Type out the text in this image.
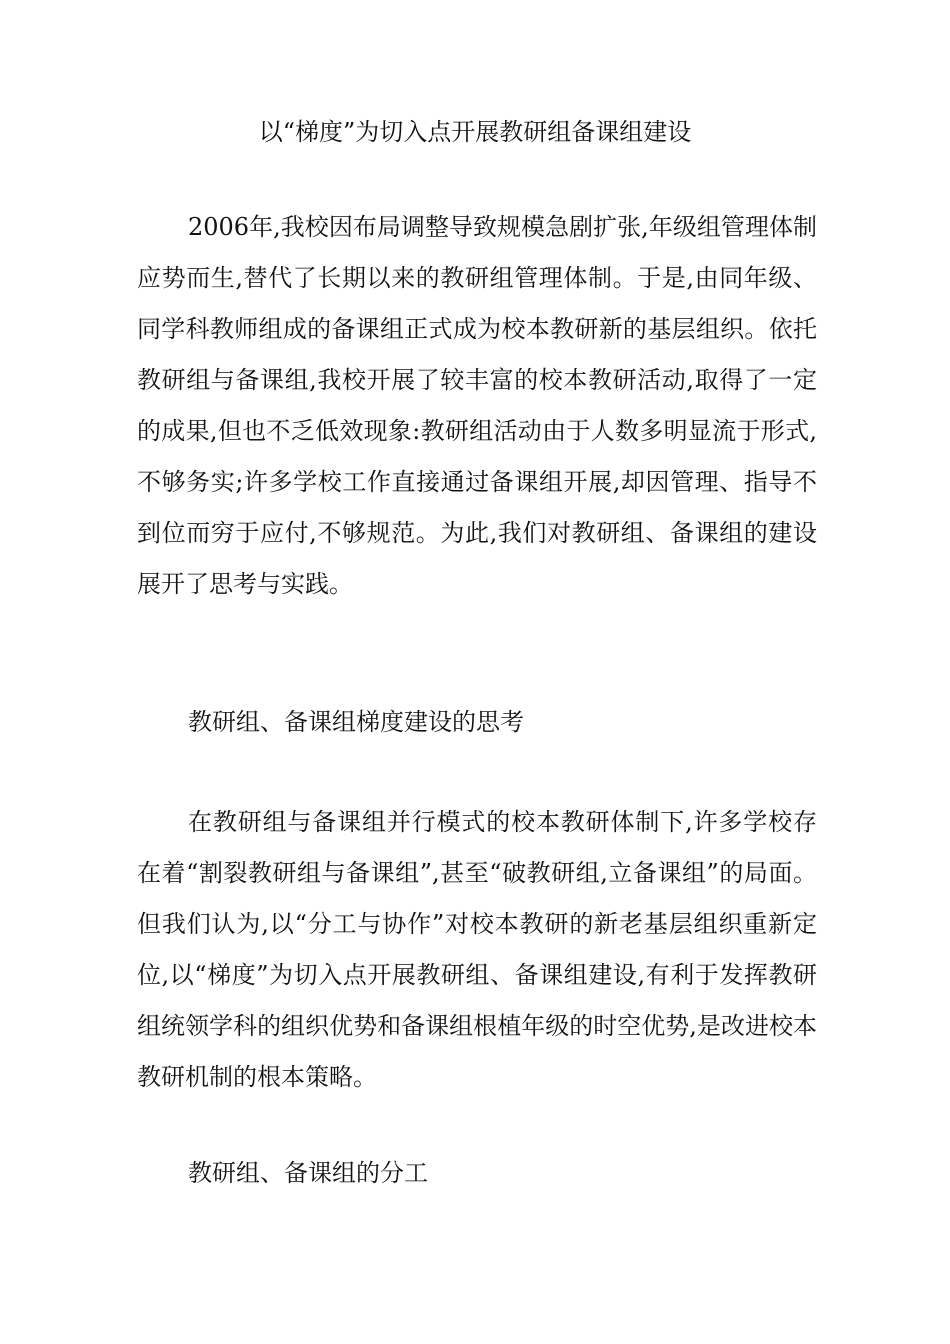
以“梯度”为切入点开展教研组备课组建设

2006年,我校因布局调整导致规模急剧扩张,年级组管理体制应势而生,替代了长期以来的教研组管理体制。于是,由同年级、同学科教师组成的备课组正式成为校本教研新的基层组织。依托教研组与备课组,我校开展了较丰富的校本教研活动,取得了一定的成果,但也不乏低效现象:教研组活动由于人数多明显流于形式,不够务实;许多学校工作直接通过备课组开展,却因管理、指导不到位而穷于应付,不够规范。为此,我们对教研组、备课组的建设展开了思考与实践。

教研组、备课组梯度建设的思考

在教研组与备课组并行模式的校本教研体制下,许多学校存在着“割裂教研组与备课组”,甚至“破教研组,立备课组”的局面。但我们认为,以“分工与协作”对校本教研的新老基层组织重新定位,以“梯度”为切入点开展教研组、备课组建设,有利于发挥教研组统领学科的组织优势和备课组根植年级的时空优势,是改进校本教研机制的根本策略。

教研组、备课组的分工
